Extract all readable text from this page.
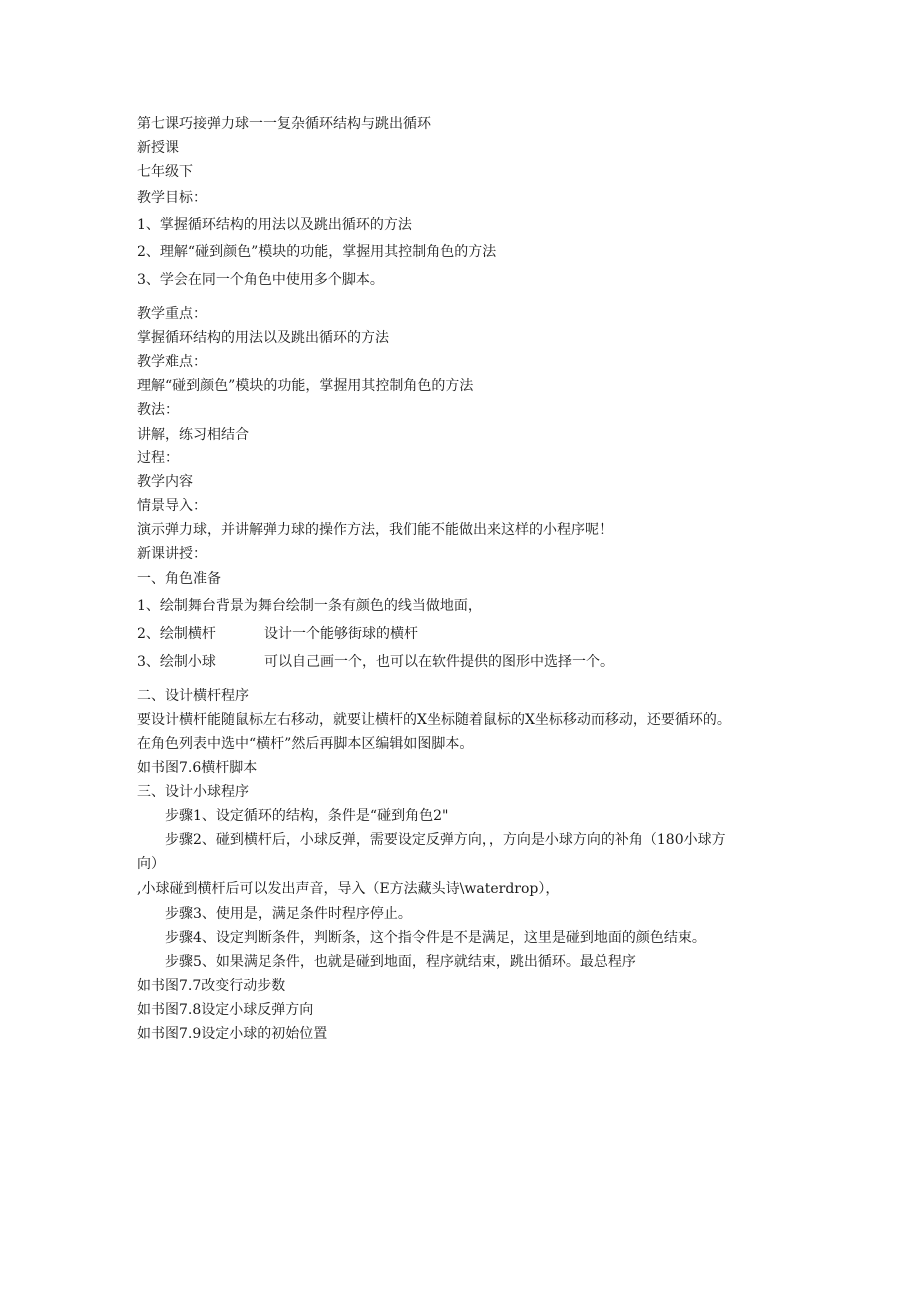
第七课巧接弹力球一一复杂循环结构与跳出循环
新授课
七年级下
教学目标：
1、掌握循环结构的用法以及跳出循环的方法
2、理解“碰到颜色”模块的功能，掌握用其控制角色的方法
3、学会在同一个角色中使用多个脚本。
教学重点：
掌握循环结构的用法以及跳出循环的方法
教学难点：
理解“碰到颜色”模块的功能，掌握用其控制角色的方法
教法：
讲解，练习相结合
过程：
教学内容
情景导入：
演示弹力球，并讲解弹力球的操作方法，我们能不能做出来这样的小程序呢！
新课讲授：
一、角色准备
1、绘制舞台背景为舞台绘制一条有颜色的线当做地面，
2、绘制横杆	设计一个能够街球的横杆
3、绘制小球	可以自己画一个，也可以在软件提供的图形中选择一个。
二、设计横杆程序
要设计横杆能随鼠标左右移动，就要让横杆的X坐标随着鼠标的X坐标移动而移动，还要循环的。
在角色列表中选中“横杆”然后再脚本区编辑如图脚本。
如书图7.6横杆脚本
三、设计小球程序
步骤1、设定循环的结构，条件是“碰到角色2"
步骤2、碰到横杆后，小球反弹，需要设定反弹方向，，方向是小球方向的补角（180小球方
向）
,小球碰到横杆后可以发出声音，导入（E方法藏头诗\waterdrop），
步骤3、使用是，满足条件时程序停止。
步骤4、设定判断条件，判断条，这个指令件是不是满足，这里是碰到地面的颜色结束。
步骤5、如果满足条件，也就是碰到地面，程序就结束，跳出循环。最总程序
如书图7.7改变行动步数
如书图7.8设定小球反弹方向
如书图7.9设定小球的初始位置
